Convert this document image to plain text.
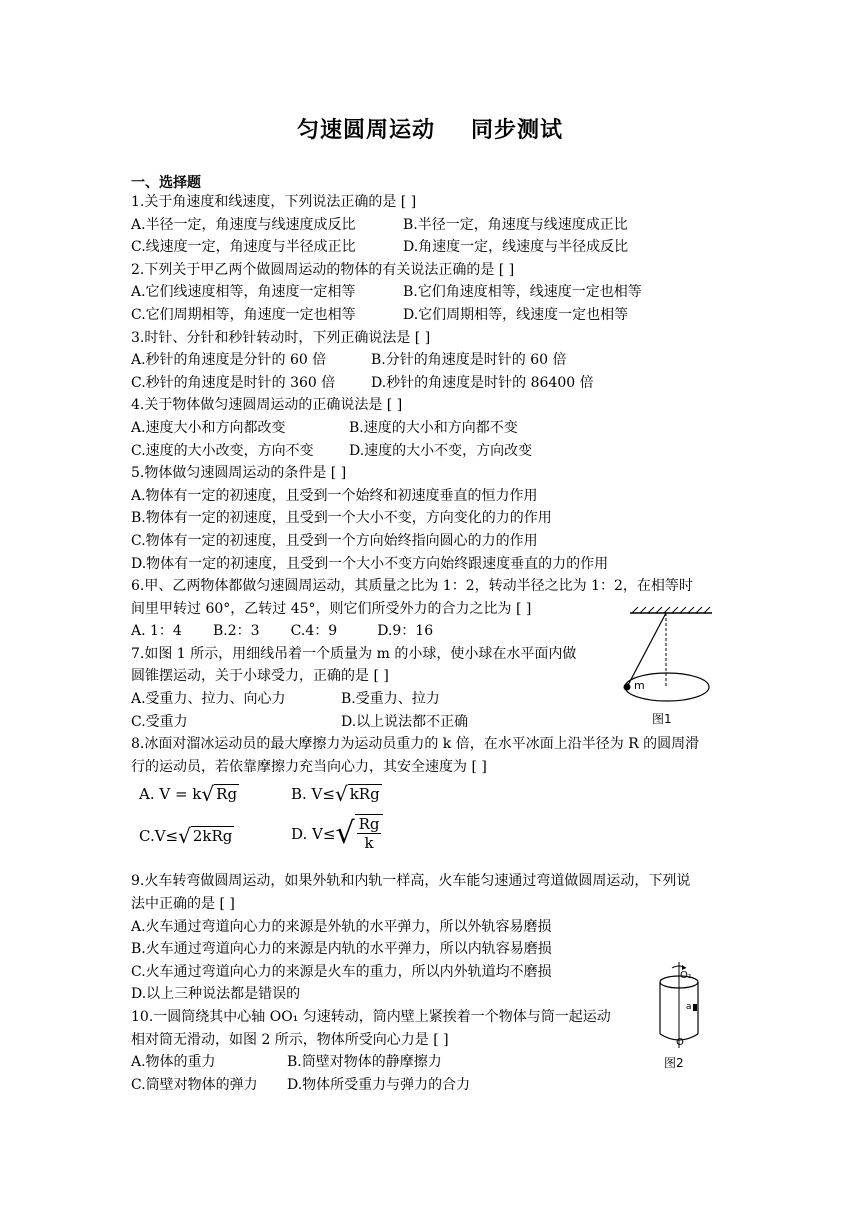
匀速圆周运动 同步测试
一、选择题
1.关于角速度和线速度，下列说法正确的是 [ ]
A.半径一定，角速度与线速度成反比	B.半径一定，角速度与线速度成正比
C.线速度一定，角速度与半径成正比	D.角速度一定，线速度与半径成反比
2.下列关于甲乙两个做圆周运动的物体的有关说法正确的是 [ ]
A.它们线速度相等，角速度一定相等	B.它们角速度相等，线速度一定也相等
C.它们周期相等，角速度一定也相等	D.它们周期相等，线速度一定也相等
3.时针、分针和秒针转动时，下列正确说法是 [ ]
A.秒针的角速度是分针的 60 倍	B.分针的角速度是时针的 60 倍
C.秒针的角速度是时针的 360 倍	D.秒针的角速度是时针的 86400 倍
4.关于物体做匀速圆周运动的正确说法是 [ ]
A.速度大小和方向都改变	B.速度的大小和方向都不变
C.速度的大小改变，方向不变	D.速度的大小不变，方向改变
5.物体做匀速圆周运动的条件是 [ ]
A.物体有一定的初速度，且受到一个始终和初速度垂直的恒力作用
B.物体有一定的初速度，且受到一个大小不变，方向变化的力的作用
C.物体有一定的初速度，且受到一个方向始终指向圆心的力的作用
D.物体有一定的初速度，且受到一个大小不变方向始终跟速度垂直的力的作用
6.甲、乙两物体都做匀速圆周运动，其质量之比为 1：2，转动半径之比为 1：2，在相等时
间里甲转过 60°，乙转过 45°，则它们所受外力的合力之比为 [ ]
A. 1：4       B.2：3       C.4：9         D.9：16
7.如图 1 所示，用细线吊着一个质量为 m 的小球，使小球在水平面内做
圆锥摆运动，关于小球受力，正确的是 [ ]
A.受重力、拉力、向心力	B.受重力、拉力
C.受重力	D.以上说法都不正确
8.冰面对溜冰运动员的最大摩擦力为运动员重力的 k 倍，在水平冰面上沿半径为 R 的圆周滑
行的运动员，若依靠摩擦力充当向心力，其安全速度为 [ ]
A. V = k √ Rg	B. V≤ √ kRg
C.V≤ √ 2kRg	D. V≤ √ $\frac{Rg}{k}$
9.火车转弯做圆周运动，如果外轨和内轨一样高，火车能匀速通过弯道做圆周运动，下列说
法中正确的是 [ ]
A.火车通过弯道向心力的来源是外轨的水平弹力，所以外轨容易磨损
B.火车通过弯道向心力的来源是内轨的水平弹力，所以内轨容易磨损
C.火车通过弯道向心力的来源是火车的重力，所以内外轨道均不磨损
D.以上三种说法都是错误的
10.一圆筒绕其中心轴 OO₁ 匀速转动，筒内壁上紧挨着一个物体与筒一起运动
相对筒无滑动，如图 2 所示，物体所受向心力是 [ ]
A.物体的重力	B.筒壁对物体的静摩擦力
C.筒壁对物体的弹力	D.物体所受重力与弹力的合力
m
图1
O₁
O
a
图2
